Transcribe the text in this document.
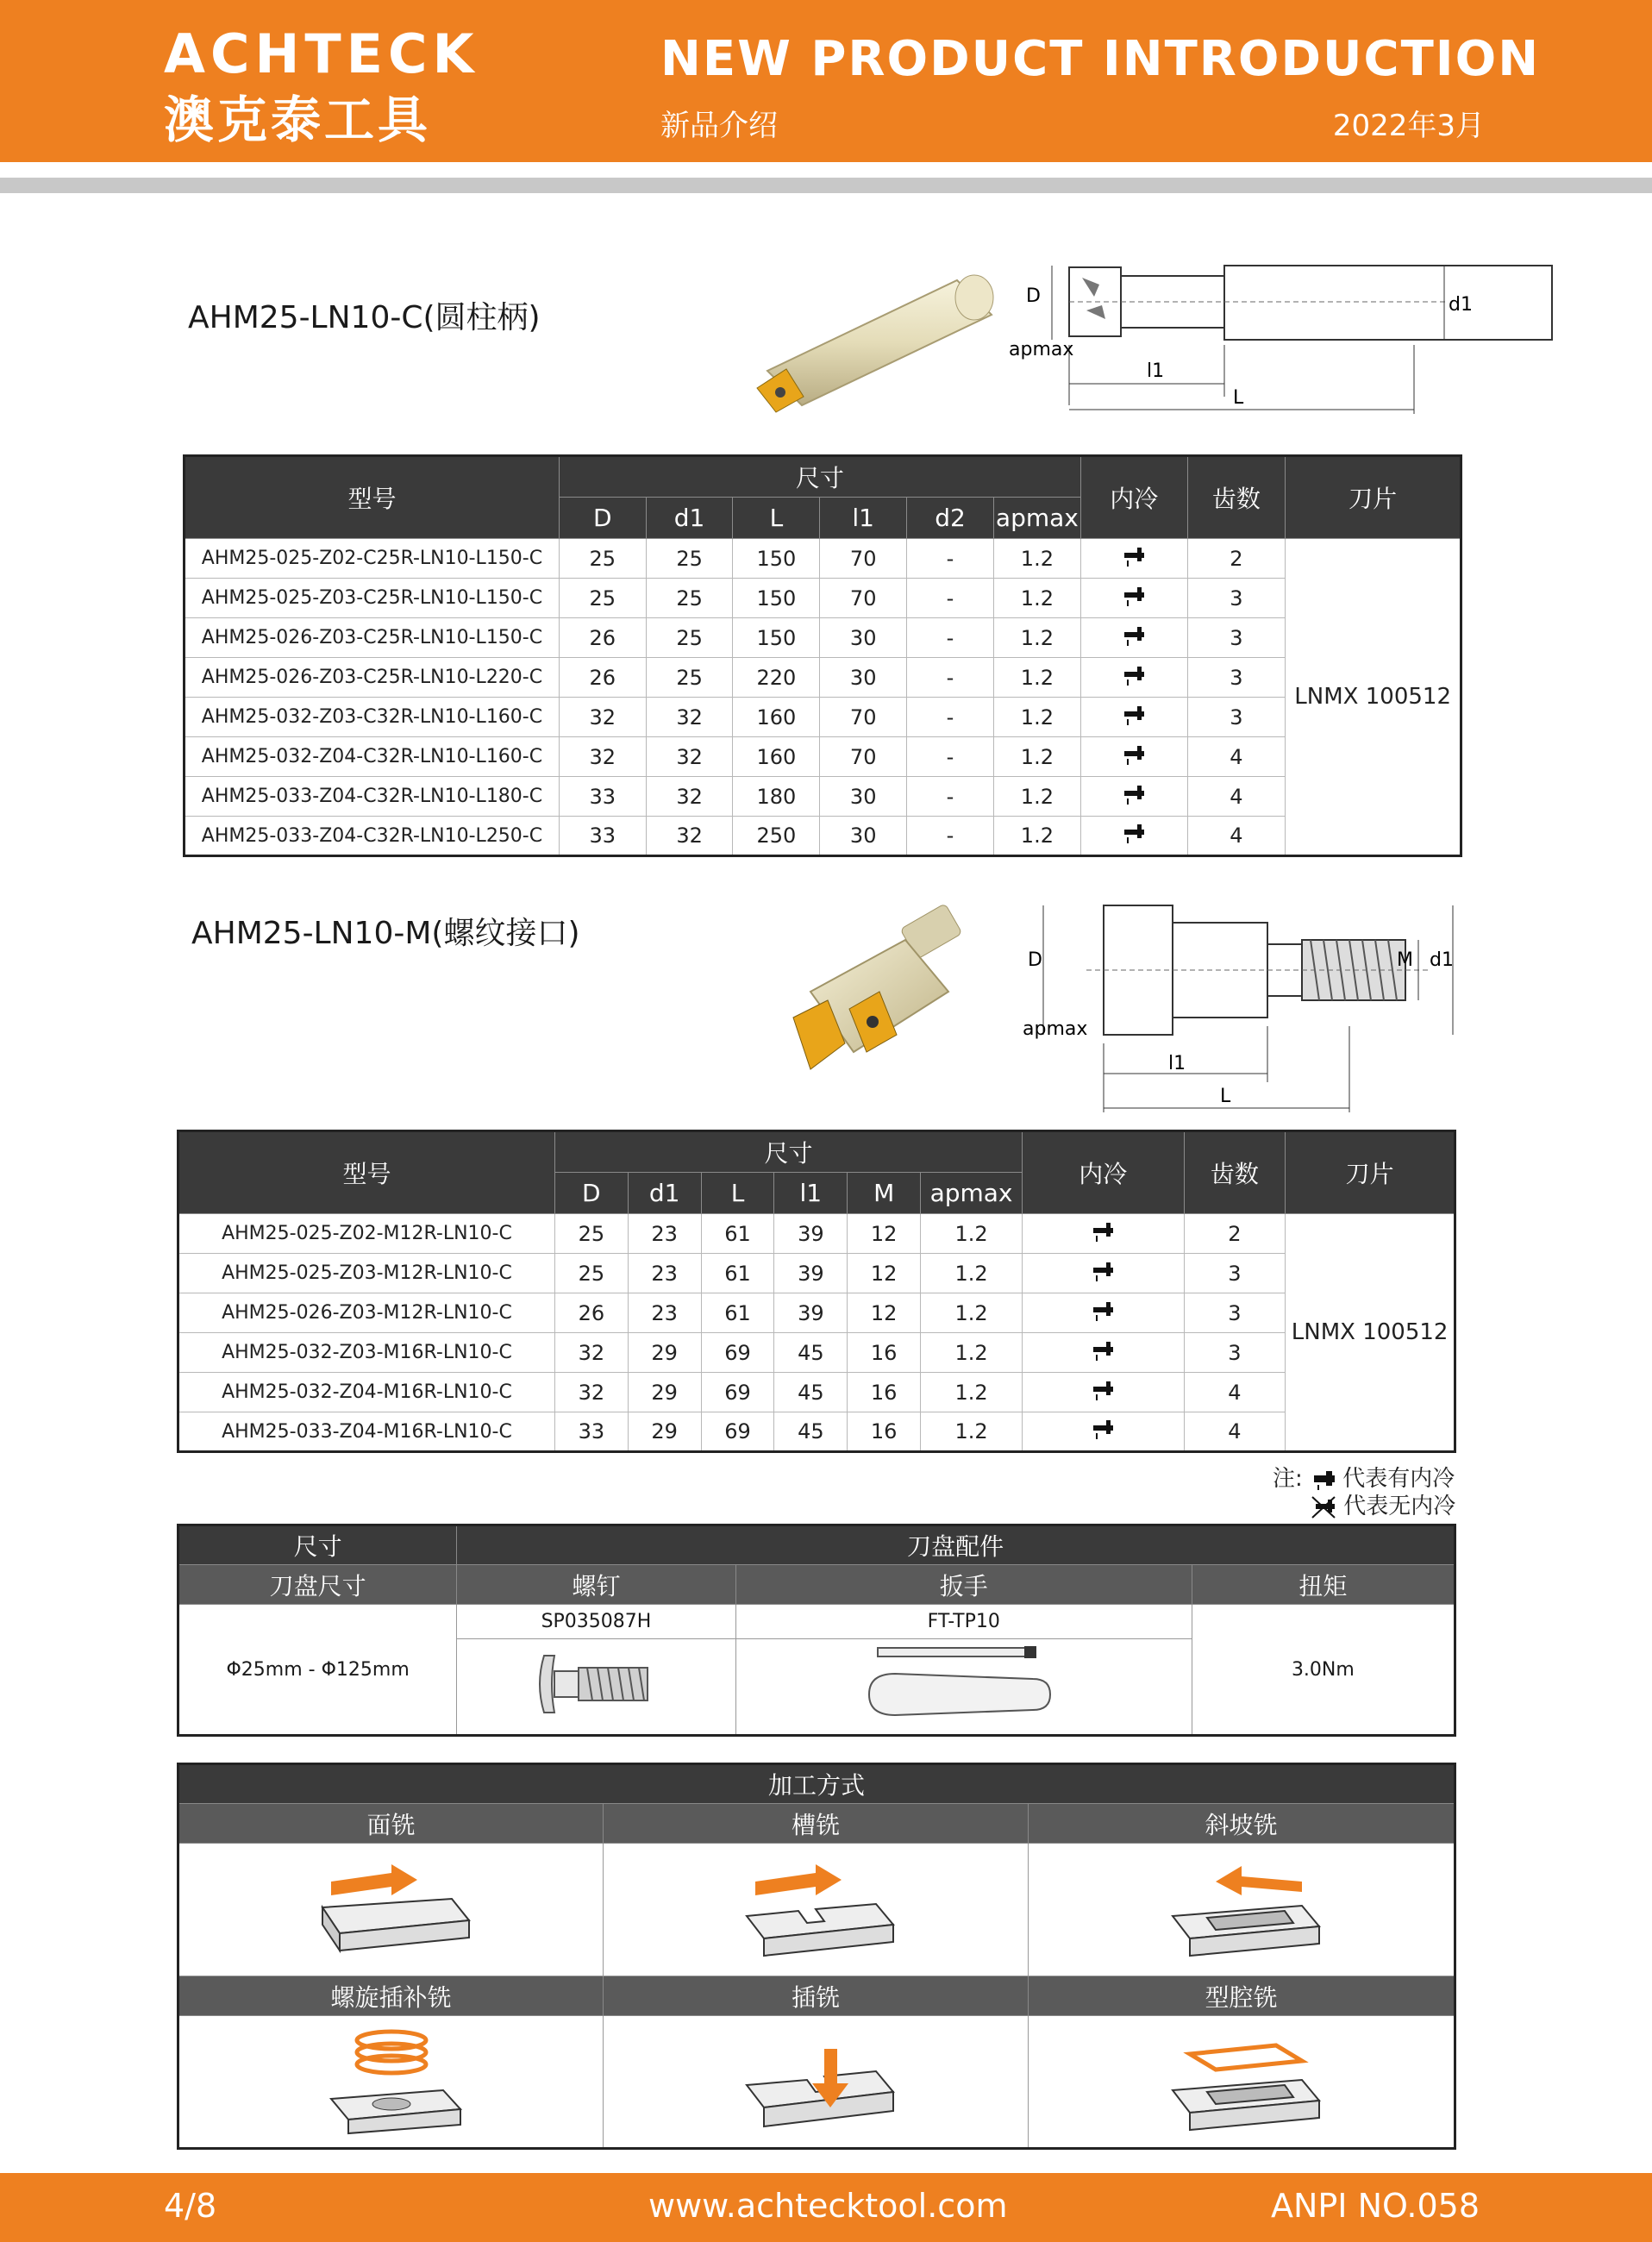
ACHTECK
澳克泰工具
NEW PRODUCT INTRODUCTION
新品介绍	2022年3月
AHM25-LN10-C(圆柱柄)
D	d1
apmax
l1
L
型号	尺寸						内冷	齿数	刀片
	D	d1	L	l1	d2	apmax			
AHM25-025-Z02-C25R-LN10-L150-C	25	25	150	70	-	1.2		2	LNMX 100512
AHM25-025-Z03-C25R-LN10-L150-C	25	25	150	70	-	1.2		3	
AHM25-026-Z03-C25R-LN10-L150-C	26	25	150	30	-	1.2		3	
AHM25-026-Z03-C25R-LN10-L220-C	26	25	220	30	-	1.2		3	
AHM25-032-Z03-C32R-LN10-L160-C	32	32	160	70	-	1.2		3	
AHM25-032-Z04-C32R-LN10-L160-C	32	32	160	70	-	1.2		4	
AHM25-033-Z04-C32R-LN10-L180-C	33	32	180	30	-	1.2		4	
AHM25-033-Z04-C32R-LN10-L250-C	33	32	250	30	-	1.2		4	
AHM25-LN10-M(螺纹接口)
D	M d1
apmax
l1
L
型号	尺寸						内冷	齿数	刀片
	D	d1	L	l1	M	apmax			
AHM25-025-Z02-M12R-LN10-C	25	23	61	39	12	1.2		2	LNMX 100512
AHM25-025-Z03-M12R-LN10-C	25	23	61	39	12	1.2		3	
AHM25-026-Z03-M12R-LN10-C	26	23	61	39	12	1.2		3	
AHM25-032-Z03-M16R-LN10-C	32	29	69	45	16	1.2		3	
AHM25-032-Z04-M16R-LN10-C	32	29	69	45	16	1.2		4	
AHM25-033-Z04-M16R-LN10-C	33	29	69	45	16	1.2		4	
注: 代表有内冷
代表无内冷
尺寸	刀盘配件		
刀盘尺寸	螺钉	扳手	扭矩
Φ25mm - Φ125mm	SP035087H	FT-TP10	3.0Nm

加工方式		
面铣	槽铣	斜坡铣

螺旋插补铣	插铣	型腔铣

4/8	www.achtecktool.com	ANPI NO.058
